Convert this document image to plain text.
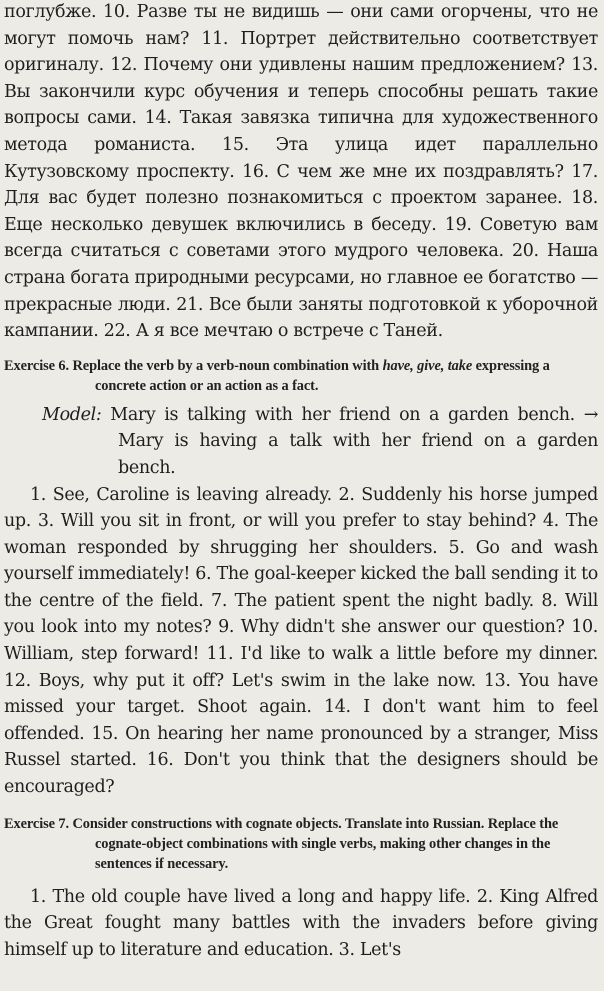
поглубже. 10. Разве ты не видишь — они сами огорчены, что не могут помочь нам? 11. Портрет действительно соответствует оригиналу. 12. Почему они удивлены нашим предложением? 13. Вы закончили курс обучения и теперь способны решать такие вопросы сами. 14. Такая завязка типична для художественного метода романиста. 15. Эта улица идет параллельно Кутузовскому проспекту. 16. С чем же мне их поздравлять? 17. Для вас будет полезно познакомиться с проектом заранее. 18. Еще несколько девушек включились в беседу. 19. Советую вам всегда считаться с советами этого мудрого человека. 20. Наша страна богата природными ресурсами, но главное ее богатство — прекрасные люди. 21. Все были заняты подготовкой к уборочной кампании. 22. А я все мечтаю о встрече с Таней.

Exercise 6. Replace the verb by a verb-noun combination with have, give, take expressing a concrete action or an action as a fact.

Model: Mary is talking with her friend on a garden bench. → Mary is having a talk with her friend on a garden bench.

1. See, Caroline is leaving already. 2. Suddenly his horse jumped up. 3. Will you sit in front, or will you prefer to stay behind? 4. The woman responded by shrugging her shoulders. 5. Go and wash yourself immediately! 6. The goal-keeper kicked the ball sending it to the centre of the field. 7. The patient spent the night badly. 8. Will you look into my notes? 9. Why didn't she answer our question? 10. William, step forward! 11. I'd like to walk a little before my dinner. 12. Boys, why put it off? Let's swim in the lake now. 13. You have missed your target. Shoot again. 14. I don't want him to feel offended. 15. On hearing her name pronounced by a stranger, Miss Russel started. 16. Don't you think that the designers should be encouraged?

Exercise 7. Consider constructions with cognate objects. Translate into Russian. Replace the cognate-object combinations with single verbs, making other changes in the sentences if necessary.

1. The old couple have lived a long and happy life. 2. King Alfred the Great fought many battles with the invaders before giving himself up to literature and education. 3. Let's
